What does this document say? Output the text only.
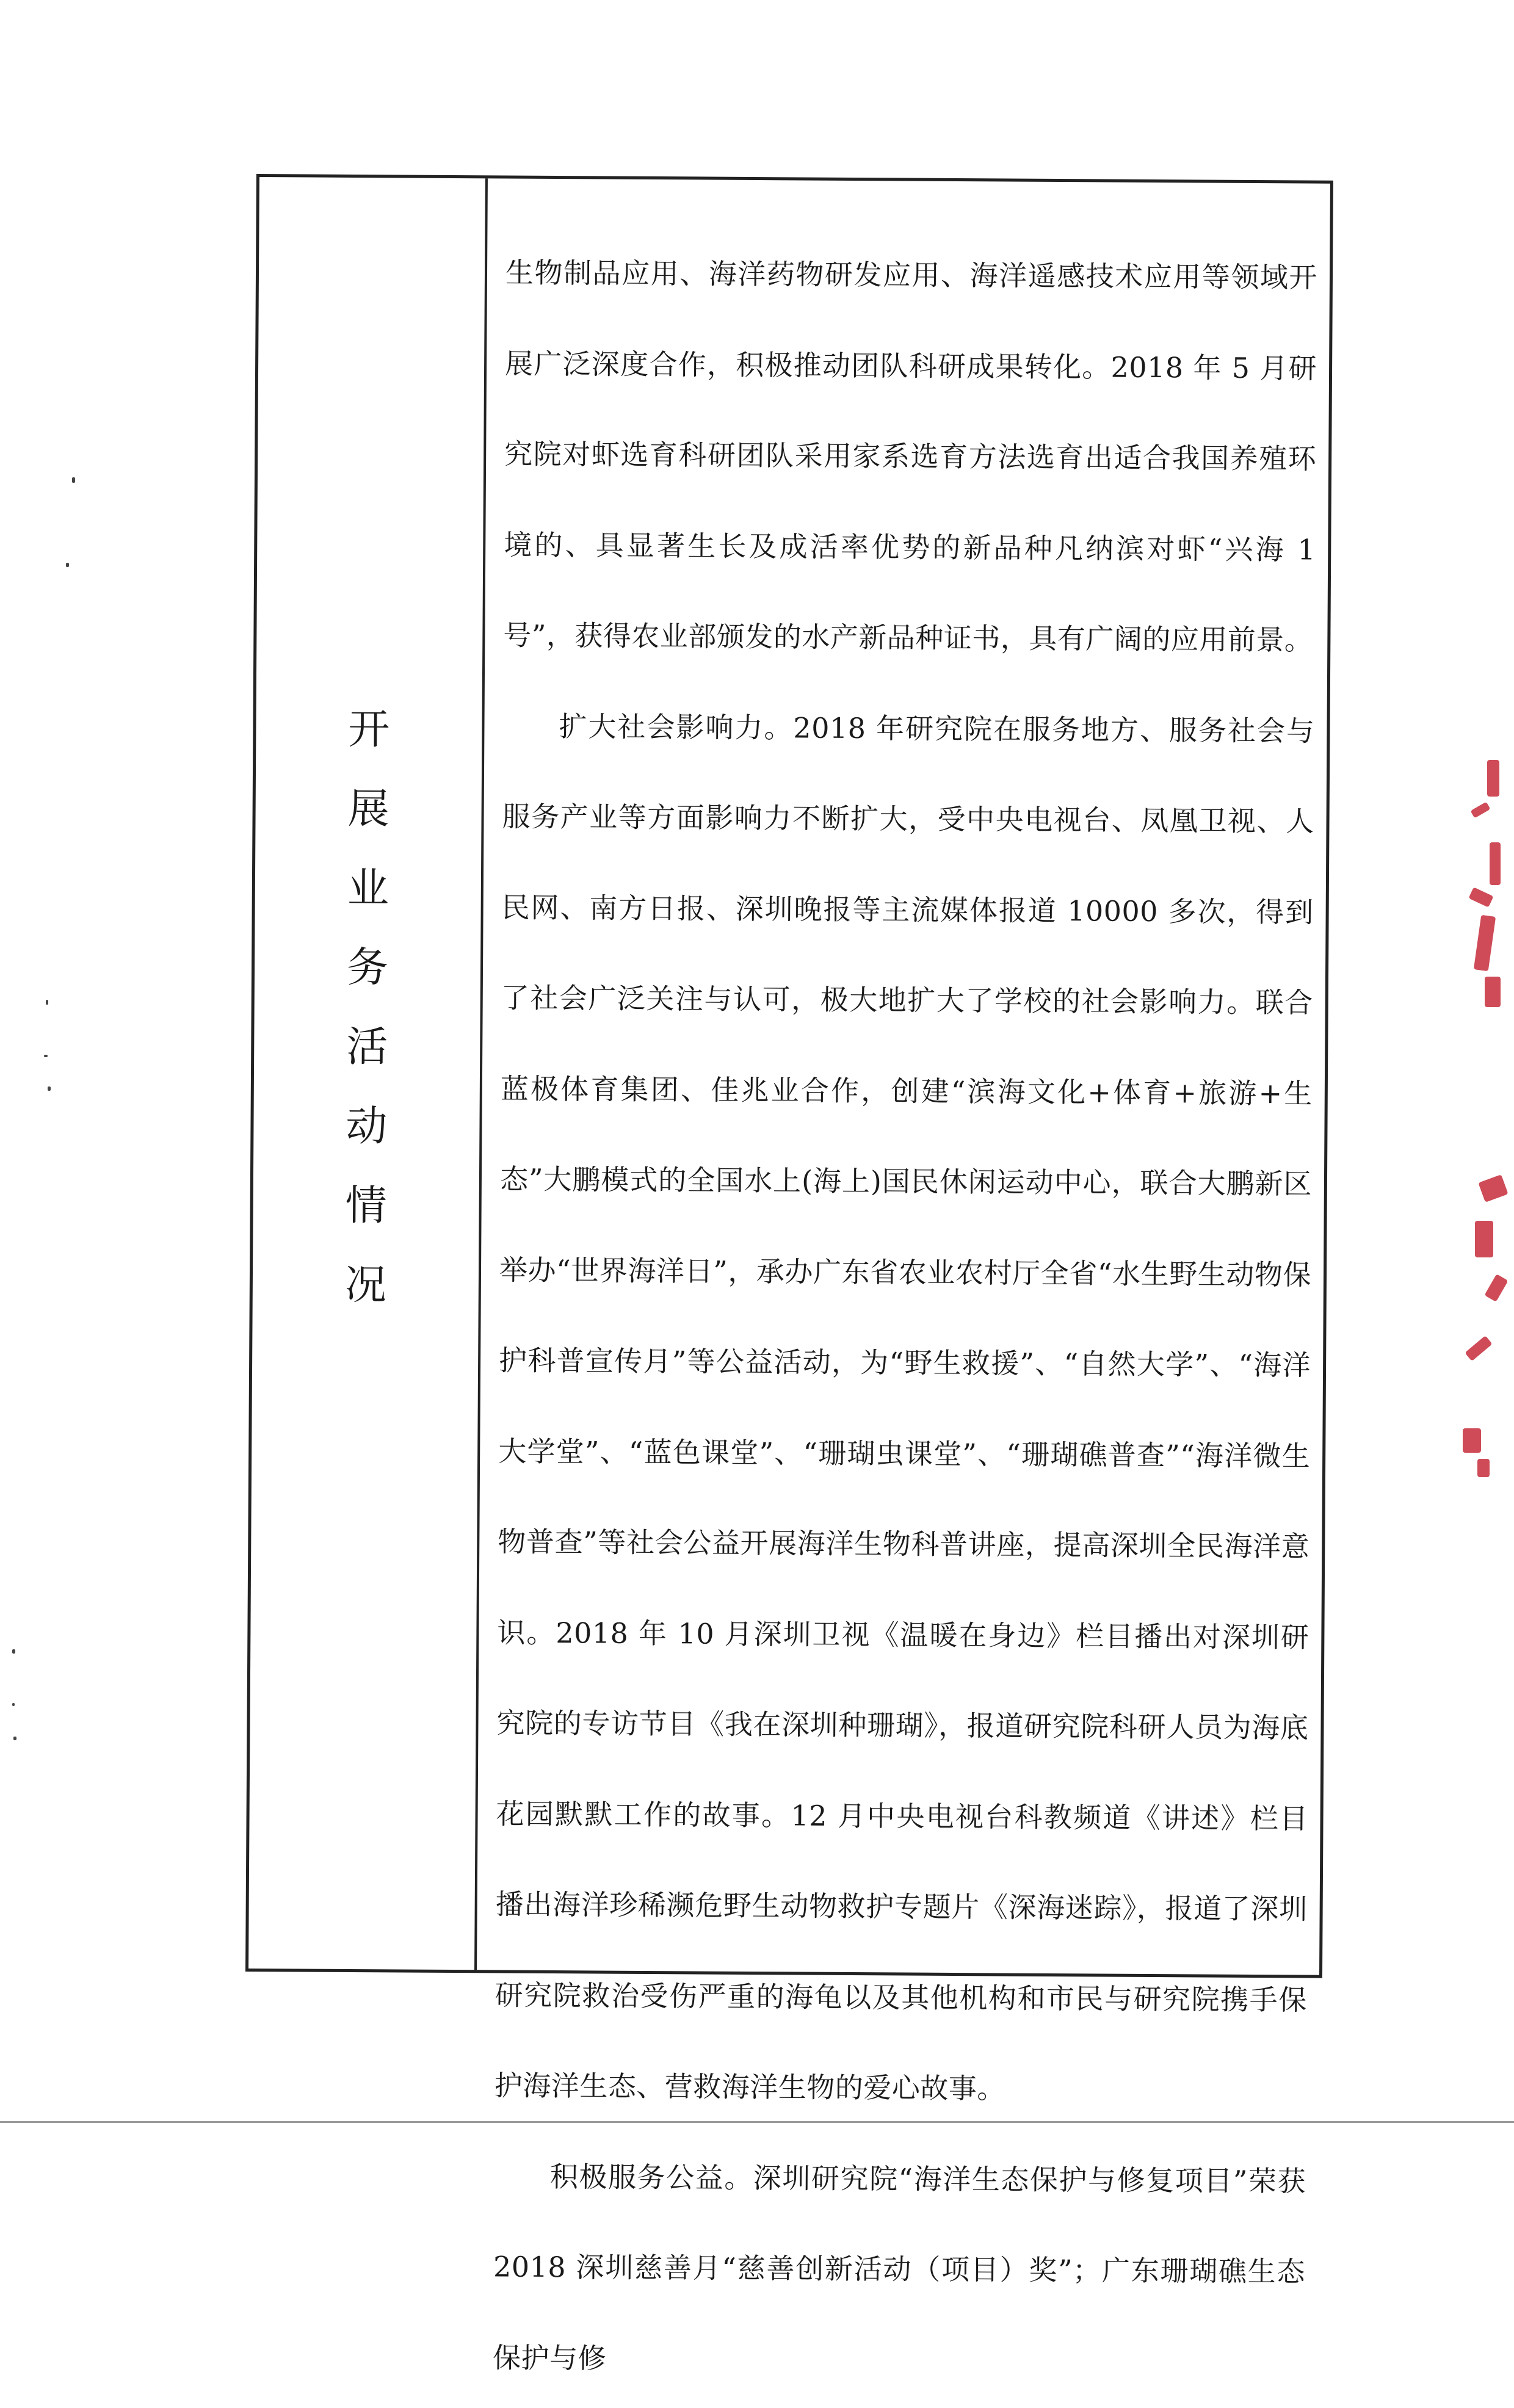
开
展
业
务
活
动
情
况

生物制品应用、海洋药物研发应用、海洋遥感技术应用等领域开展广泛深度合作，积极推动团队科研成果转化。2018 年 5 月研究院对虾选育科研团队采用家系选育方法选育出适合我国养殖环境的、具显著生长及成活率优势的新品种凡纳滨对虾“兴海 1 号”，获得农业部颁发的水产新品种证书，具有广阔的应用前景。

扩大社会影响力。2018 年研究院在服务地方、服务社会与服务产业等方面影响力不断扩大，受中央电视台、凤凰卫视、人民网、南方日报、深圳晚报等主流媒体报道 10000 多次，得到了社会广泛关注与认可，极大地扩大了学校的社会影响力。联合蓝极体育集团、佳兆业合作，创建“滨海文化+体育+旅游+生态”大鹏模式的全国水上(海上)国民休闲运动中心，联合大鹏新区举办“世界海洋日”，承办广东省农业农村厅全省“水生野生动物保护科普宣传月”等公益活动，为“野生救援”、“自然大学”、“海洋大学堂”、“蓝色课堂”、“珊瑚虫课堂”、“珊瑚礁普查”“海洋微生物普查”等社会公益开展海洋生物科普讲座，提高深圳全民海洋意识。2018 年 10 月深圳卫视《温暖在身边》栏目播出对深圳研究院的专访节目《我在深圳种珊瑚》，报道研究院科研人员为海底花园默默工作的故事。12 月中央电视台科教频道《讲述》栏目播出海洋珍稀濒危野生动物救护专题片《深海迷踪》，报道了深圳研究院救治受伤严重的海龟以及其他机构和市民与研究院携手保护海洋生态、营救海洋生物的爱心故事。

积极服务公益。深圳研究院“海洋生态保护与修复项目”荣获 2018 深圳慈善月“慈善创新活动（项目）奖”；广东珊瑚礁生态保护与修
